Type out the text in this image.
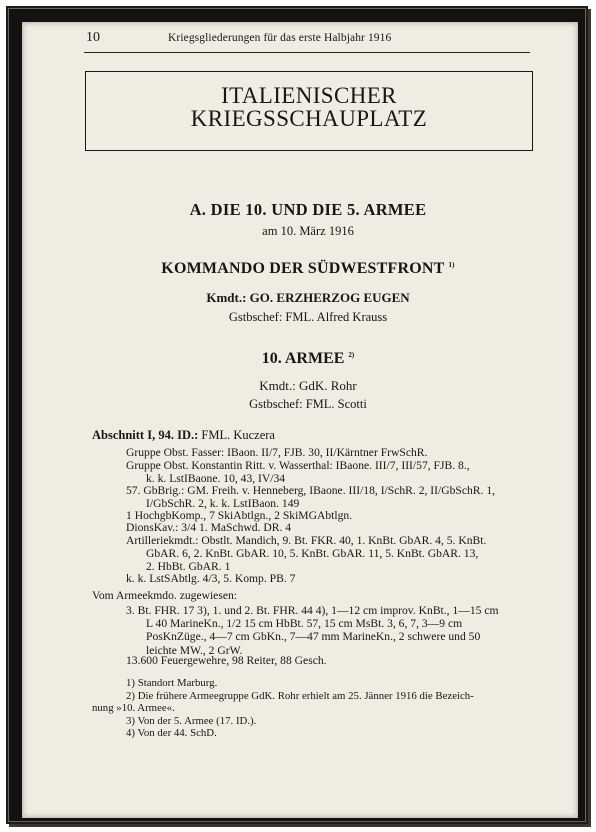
10	Kriegsgliederungen für das erste Halbjahr 1916
ITALIENISCHER
KRIEGSSCHAUPLATZ
A. DIE 10. UND DIE 5. ARMEE
am 10. März 1916
KOMMANDO DER SÜDWESTFRONT $^{1)}$
Kmdt.: GO. ERZHERZOG EUGEN
Gstbschef: FML. Alfred Krauss
10. ARMEE $^{2)}$
Kmdt.: GdK. Rohr
Gstbschef: FML. Scotti
Abschnitt I, 94. ID.: FML. Kuczera
Gruppe Obst. Fasser: IBaon. II/7, FJB. 30, II/Kärntner FrwSchR.
Gruppe Obst. Konstantin Ritt. v. Wasserthal: IBaone. III/7, III/57, FJB. 8.,
k. k. LstIBaone. 10, 43, IV/34
57. GbBrig.: GM. Freih. v. Henneberg, IBaone. III/18, I/SchR. 2, II/GbSchR. 1,
I/GbSchR. 2, k. k. LstIBaon. 149
1 HochgbKomp., 7 SkiAbtlgn., 2 SkiMGAbtlgn.
DionsKav.: 3/4 1. MaSchwd. DR. 4
Artilleriekmdt.: Obstlt. Mandich, 9. Bt. FKR. 40, 1. KnBt. GbAR. 4, 5. KnBt.
GbAR. 6, 2. KnBt. GbAR. 10, 5. KnBt. GbAR. 11, 5. KnBt. GbAR. 13,
2. HbBt. GbAR. 1
k. k. LstSAbtlg. 4/3, 5. Komp. PB. 7
Vom Armeekmdo. zugewiesen:
3. Bt. FHR. 17 3), 1. und 2. Bt. FHR. 44 4), 1—12 cm improv. KnBt., 1—15 cm
L 40 MarineKn., 1/2 15 cm HbBt. 57, 15 cm MsBt. 3, 6, 7, 3—9 cm
PosKnZüge., 4—7 cm GbKn., 7—47 mm MarineKn., 2 schwere und 50
leichte MW., 2 GrW.
13.600 Feuergewehre, 98 Reiter, 88 Gesch.
1) Standort Marburg.
2) Die frühere Armeegruppe GdK. Rohr erhielt am 25. Jänner 1916 die Bezeich-
nung »10. Armee«.
3) Von der 5. Armee (17. ID.).
4) Von der 44. SchD.
